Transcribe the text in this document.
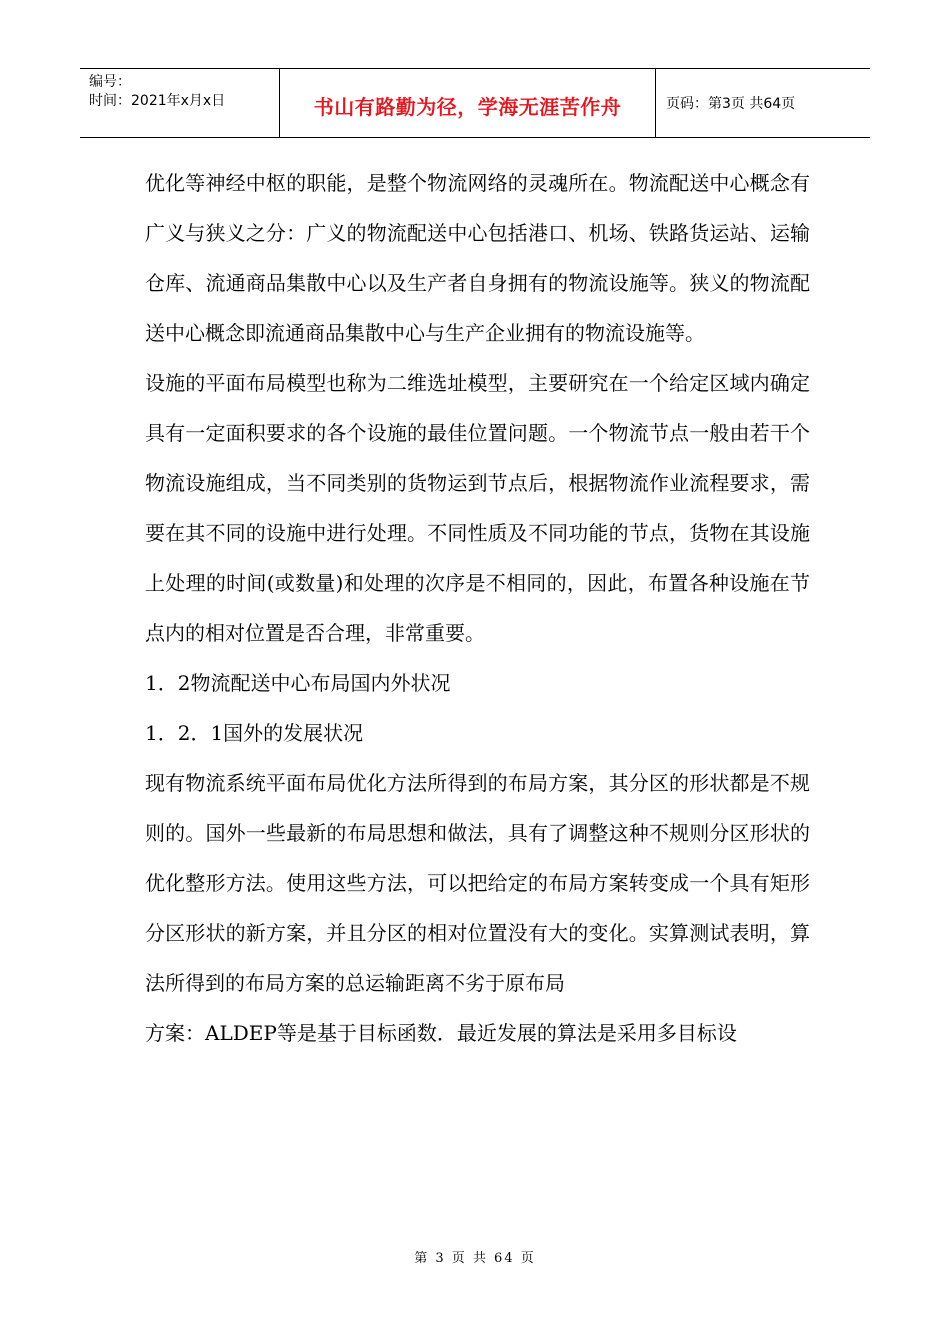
编号：
时间：2021年x月x日	书山有路勤为径，学海无涯苦作舟	页码：第3页 共64页

优化等神经中枢的职能，是整个物流网络的灵魂所在。物流配送中心概念有广义与狭义之分：广义的物流配送中心包括港口、机场、铁路货运站、运输仓库、流通商品集散中心以及生产者自身拥有的物流设施等。狭义的物流配送中心概念即流通商品集散中心与生产企业拥有的物流设施等。

设施的平面布局模型也称为二维选址模型，主要研究在一个给定区域内确定具有一定面积要求的各个设施的最佳位置问题。一个物流节点一般由若干个物流设施组成，当不同类别的货物运到节点后，根据物流作业流程要求，需要在其不同的设施中进行处理。不同性质及不同功能的节点，货物在其设施上处理的时间(或数量)和处理的次序是不相同的，因此，布置各种设施在节点内的相对位置是否合理，非常重要。

1．2物流配送中心布局国内外状况

1．2．1国外的发展状况

现有物流系统平面布局优化方法所得到的布局方案，其分区的形状都是不规则的。国外一些最新的布局思想和做法，具有了调整这种不规则分区形状的优化整形方法。使用这些方法，可以把给定的布局方案转变成一个具有矩形分区形状的新方案，并且分区的相对位置没有大的变化。实算测试表明，算法所得到的布局方案的总运输距离不劣于原布局

方案：ALDEP等是基于目标函数．最近发展的算法是采用多目标设

第 3 页 共 64 页
